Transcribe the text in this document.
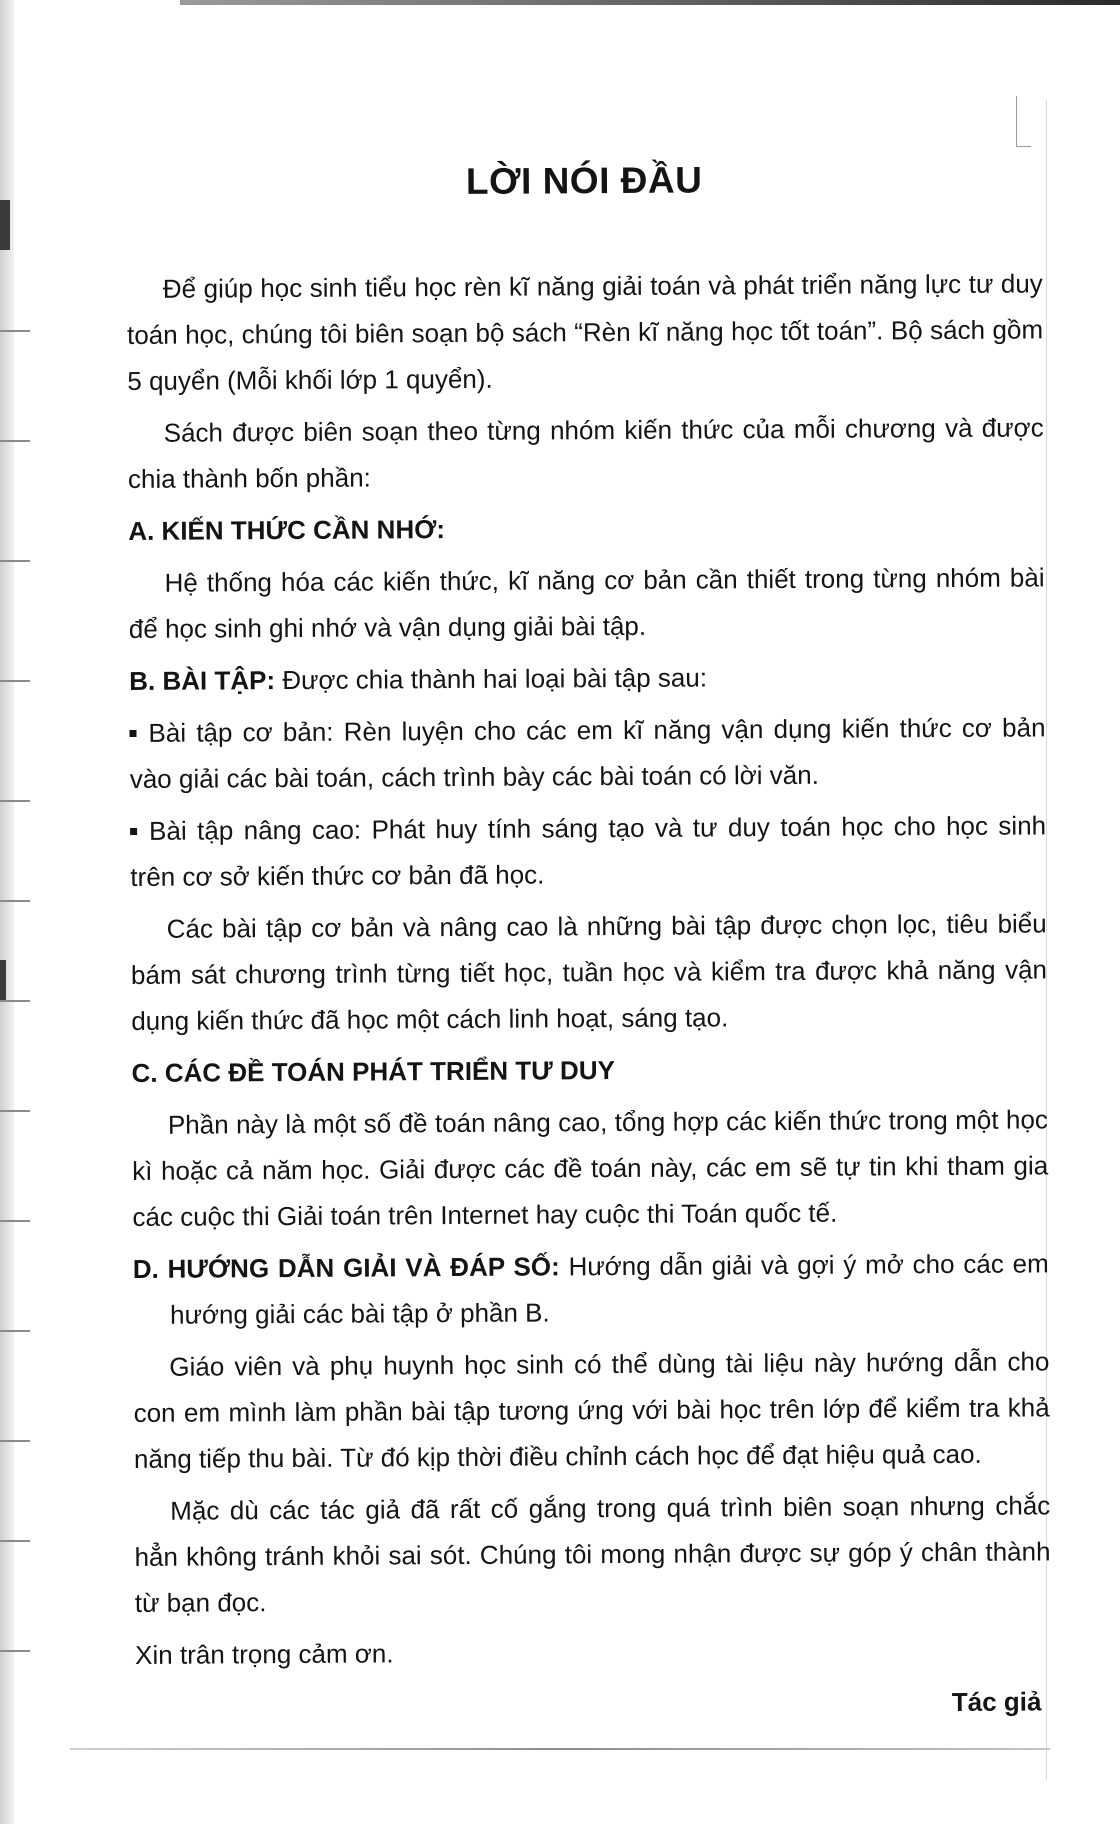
LỜI NÓI ĐẦU

Để giúp học sinh tiểu học rèn kĩ năng giải toán và phát triển năng lực tư duy toán học, chúng tôi biên soạn bộ sách “Rèn kĩ năng học tốt toán”. Bộ sách gồm 5 quyển (Mỗi khối lớp 1 quyển).

Sách được biên soạn theo từng nhóm kiến thức của mỗi chương và được chia thành bốn phần:

A. KIẾN THỨC CẦN NHỚ:

Hệ thống hóa các kiến thức, kĩ năng cơ bản cần thiết trong từng nhóm bài để học sinh ghi nhớ và vận dụng giải bài tập.

B. BÀI TẬP: Được chia thành hai loại bài tập sau:

Bài tập cơ bản: Rèn luyện cho các em kĩ năng vận dụng kiến thức cơ bản vào giải các bài toán, cách trình bày các bài toán có lời văn.

Bài tập nâng cao: Phát huy tính sáng tạo và tư duy toán học cho học sinh trên cơ sở kiến thức cơ bản đã học.

Các bài tập cơ bản và nâng cao là những bài tập được chọn lọc, tiêu biểu bám sát chương trình từng tiết học, tuần học và kiểm tra được khả năng vận dụng kiến thức đã học một cách linh hoạt, sáng tạo.

C. CÁC ĐỀ TOÁN PHÁT TRIỂN TƯ DUY

Phần này là một số đề toán nâng cao, tổng hợp các kiến thức trong một học kì hoặc cả năm học. Giải được các đề toán này, các em sẽ tự tin khi tham gia các cuộc thi Giải toán trên Internet hay cuộc thi Toán quốc tế.

D. HƯỚNG DẪN GIẢI VÀ ĐÁP SỐ: Hướng dẫn giải và gợi ý mở cho các em hướng giải các bài tập ở phần B.

Giáo viên và phụ huynh học sinh có thể dùng tài liệu này hướng dẫn cho con em mình làm phần bài tập tương ứng với bài học trên lớp để kiểm tra khả năng tiếp thu bài. Từ đó kịp thời điều chỉnh cách học để đạt hiệu quả cao.

Mặc dù các tác giả đã rất cố gắng trong quá trình biên soạn nhưng chắc hẳn không tránh khỏi sai sót. Chúng tôi mong nhận được sự góp ý chân thành từ bạn đọc.

Xin trân trọng cảm ơn.

Tác giả
